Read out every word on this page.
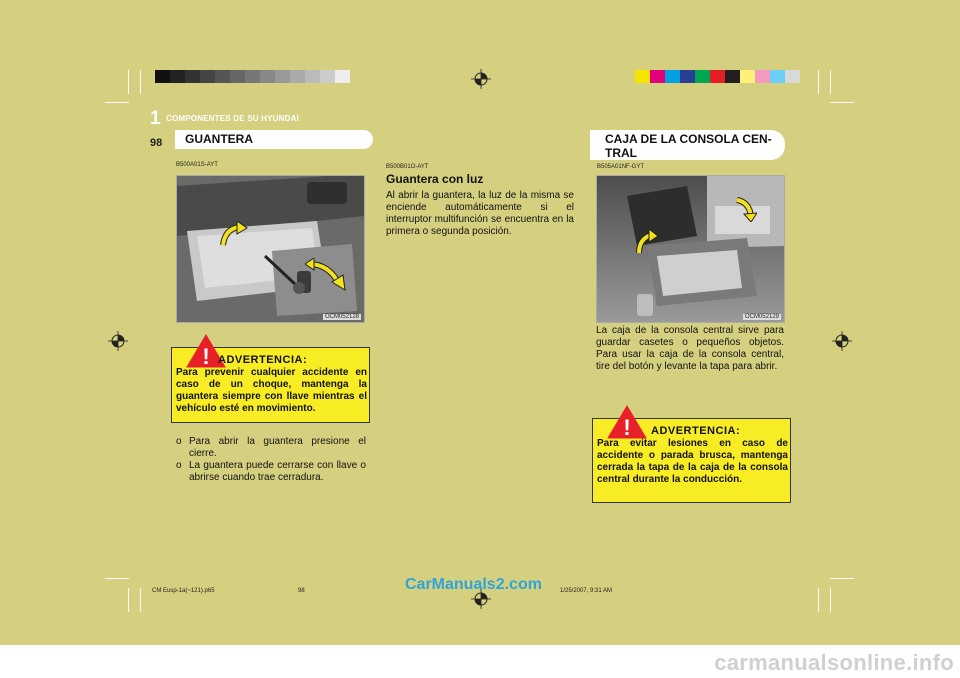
1 COMPONENTES DE SU HYUNDAI
98	GUANTERA
B500A01S-AYT
OCM052128
! ADVERTENCIA:
Para prevenir cualquier accidente en caso de un choque, mantenga la guantera siempre con llave mientras el vehículo esté en movimiento.
o Para abrir la guantera presione el cierre.
o La guantera puede cerrarse con llave o abrirse cuando trae cerradura.
B500B01O-AYT
Guantera con luz
Al abrir la guantera, la luz de la misma se enciende automáticamente si el interruptor multifunción se encuentra en la primera o segunda posición.
CAJA DE LA CONSOLA CEN-
TRAL
B505A01NF-GYT
OCM052129
La caja de la consola central sirve para guardar casetes o pequeños objetos. Para usar la caja de la consola central, tire del botón y levante la tapa para abrir.
! ADVERTENCIA:
Para evitar lesiones en caso de accidente o parada brusca, mantenga cerrada la tapa de la caja de la consola central durante la conducción.
CM Eusp-1a(~121).p65	98	1/25/2007, 9:31 AM
CarManuals2.com
carmanualsonline.info
